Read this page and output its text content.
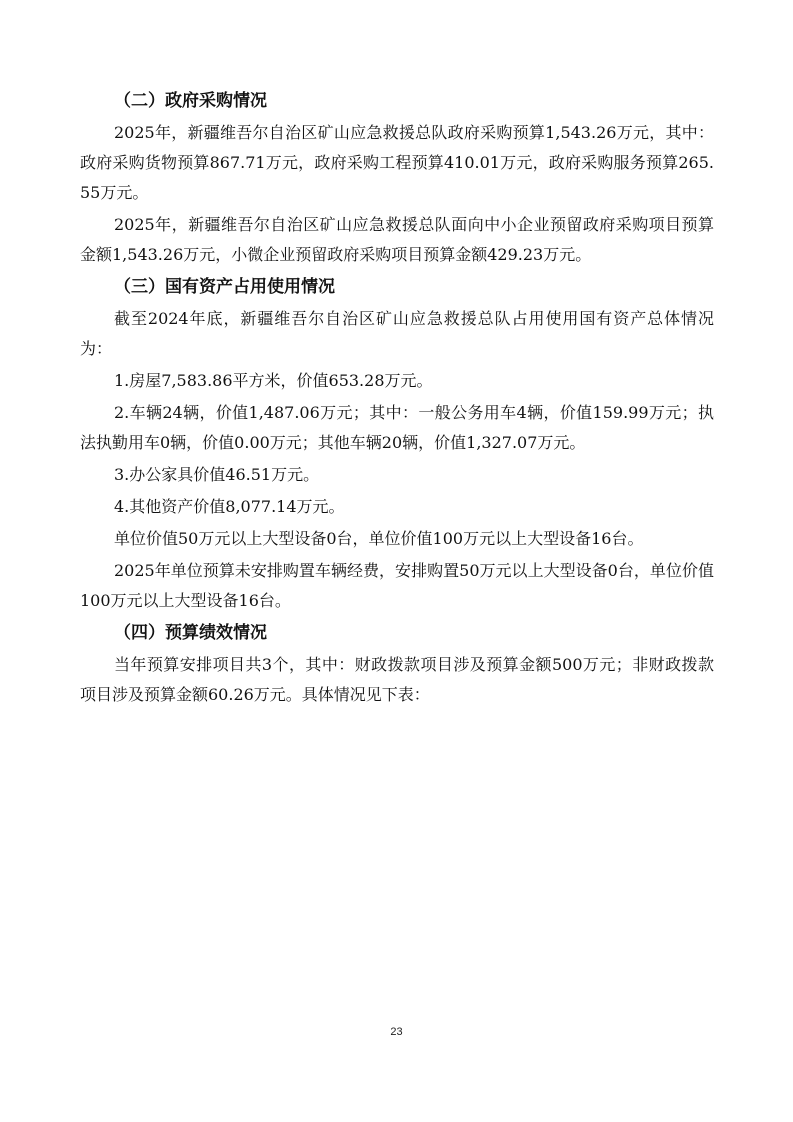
（二）政府采购情况
2025年，新疆维吾尔自治区矿山应急救援总队政府采购预算1,543.26万元，其中：政府采购货物预算867.71万元，政府采购工程预算410.01万元，政府采购服务预算265.55万元。
2025年，新疆维吾尔自治区矿山应急救援总队面向中小企业预留政府采购项目预算金额1,543.26万元，小微企业预留政府采购项目预算金额429.23万元。
（三）国有资产占用使用情况
截至2024年底，新疆维吾尔自治区矿山应急救援总队占用使用国有资产总体情况为：
1.房屋7,583.86平方米，价值653.28万元。
2.车辆24辆，价值1,487.06万元；其中：一般公务用车4辆，价值159.99万元；执法执勤用车0辆，价值0.00万元；其他车辆20辆，价值1,327.07万元。
3.办公家具价值46.51万元。
4.其他资产价值8,077.14万元。
单位价值50万元以上大型设备0台，单位价值100万元以上大型设备16台。
2025年单位预算未安排购置车辆经费，安排购置50万元以上大型设备0台，单位价值100万元以上大型设备16台。
（四）预算绩效情况
当年预算安排项目共3个，其中：财政拨款项目涉及预算金额500万元；非财政拨款项目涉及预算金额60.26万元。具体情况见下表：
23
